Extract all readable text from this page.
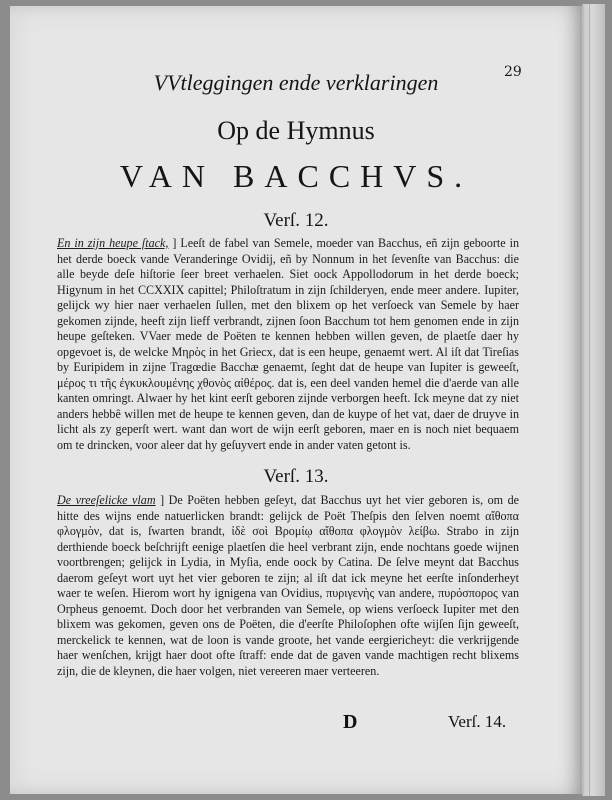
29
VVtleggingen ende verklaringen
Op de Hymnus
VAN BACCHVS.
Verſ. 12.

En in zijn heupe ſtack, ] Leeſt de fabel van Semele, moeder van Bacchus, eñ zijn geboorte in het derde boeck vande Veranderinge Ovidij, eñ by Nonnum in het ſevenſte van Bacchus: die alle beyde deſe hiſtorie ſeer breet verhaelen. Siet oock Appollodorum in het derde boeck; Higynum in het CCXXIX capittel; Philoſtratum in zijn ſchilderyen, ende meer andere. Iupiter, gelijck wy hier naer verhaelen ſullen, met den blixem op het verſoeck van Semele by haer gekomen zijnde, heeft zijn lieff verbrandt, zijnen ſoon Bacchum tot hem genomen ende in zijn heupe geſteken. VVaer mede de Poëten te kennen hebben willen geven, de plaetſe daer hy opgevoet is, de welcke Μηρὸς in het Griecx, dat is een heupe, genaemt wert. Al iſt dat Tireſias by Euripidem in zijne Tragœdie Bacchæ genaemt, ſeght dat de heupe van Iupiter is geweeſt, μέρος τι τῆς ἐγκυκλουμένης χθονὸς αἰθέρος. dat is, een deel vanden hemel die d'aerde van alle kanten omringt. Alwaer hy het kint eerſt geboren zijnde verborgen heeft. Ick meyne dat zy niet anders hebbê willen met de heupe te kennen geven, dan de kuype of het vat, daer de druyve in licht als zy geperſt wert. want dan wort de wijn eerſt geboren, maer en is noch niet bequaem om te drincken, voor aleer dat hy geſuyvert ende in ander vaten getont is.

Verſ. 13.

De vreeſelicke vlam ] De Poëten hebben geſeyt, dat Bacchus uyt het vier geboren is, om de hitte des wijns ende natuerlicken brandt: gelijck de Poët Theſpis den ſelven noemt αἴθοπα φλογμὸν, dat is, ſwarten brandt, ἰδὲ σοὶ Βρομίῳ αἴθοπα φλογμὸν λείβω. Strabo in zijn derthiende boeck beſchrijft eenige plaetſen die heel verbrant zijn, ende nochtans goede wijnen voortbrengen; gelijck in Lydia, in Myſia, ende oock by Catina. De ſelve meynt dat Bacchus daerom geſeyt wort uyt het vier geboren te zijn; al iſt dat ick meyne het eerſte inſonderheyt waer te weſen. Hierom wort hy ignigena van Ovidius, πυριγενὴς van andere, πυρόσπορος van Orpheus genoemt. Doch door het verbranden van Semele, op wiens verſoeck Iupiter met den blixem was gekomen, geven ons de Poëten, die d'eerſte Philoſophen ofte wijſen ſijn geweeſt, merckelick te kennen, wat de loon is vande groote, het vande eergiericheyt: die verkrijgende haer wenſchen, krijgt haer doot ofte ſtraff: ende dat de gaven vande machtigen recht blixems zijn, die de kleynen, die haer volgen, niet vereeren maer verteeren.

D	Verſ. 14.
